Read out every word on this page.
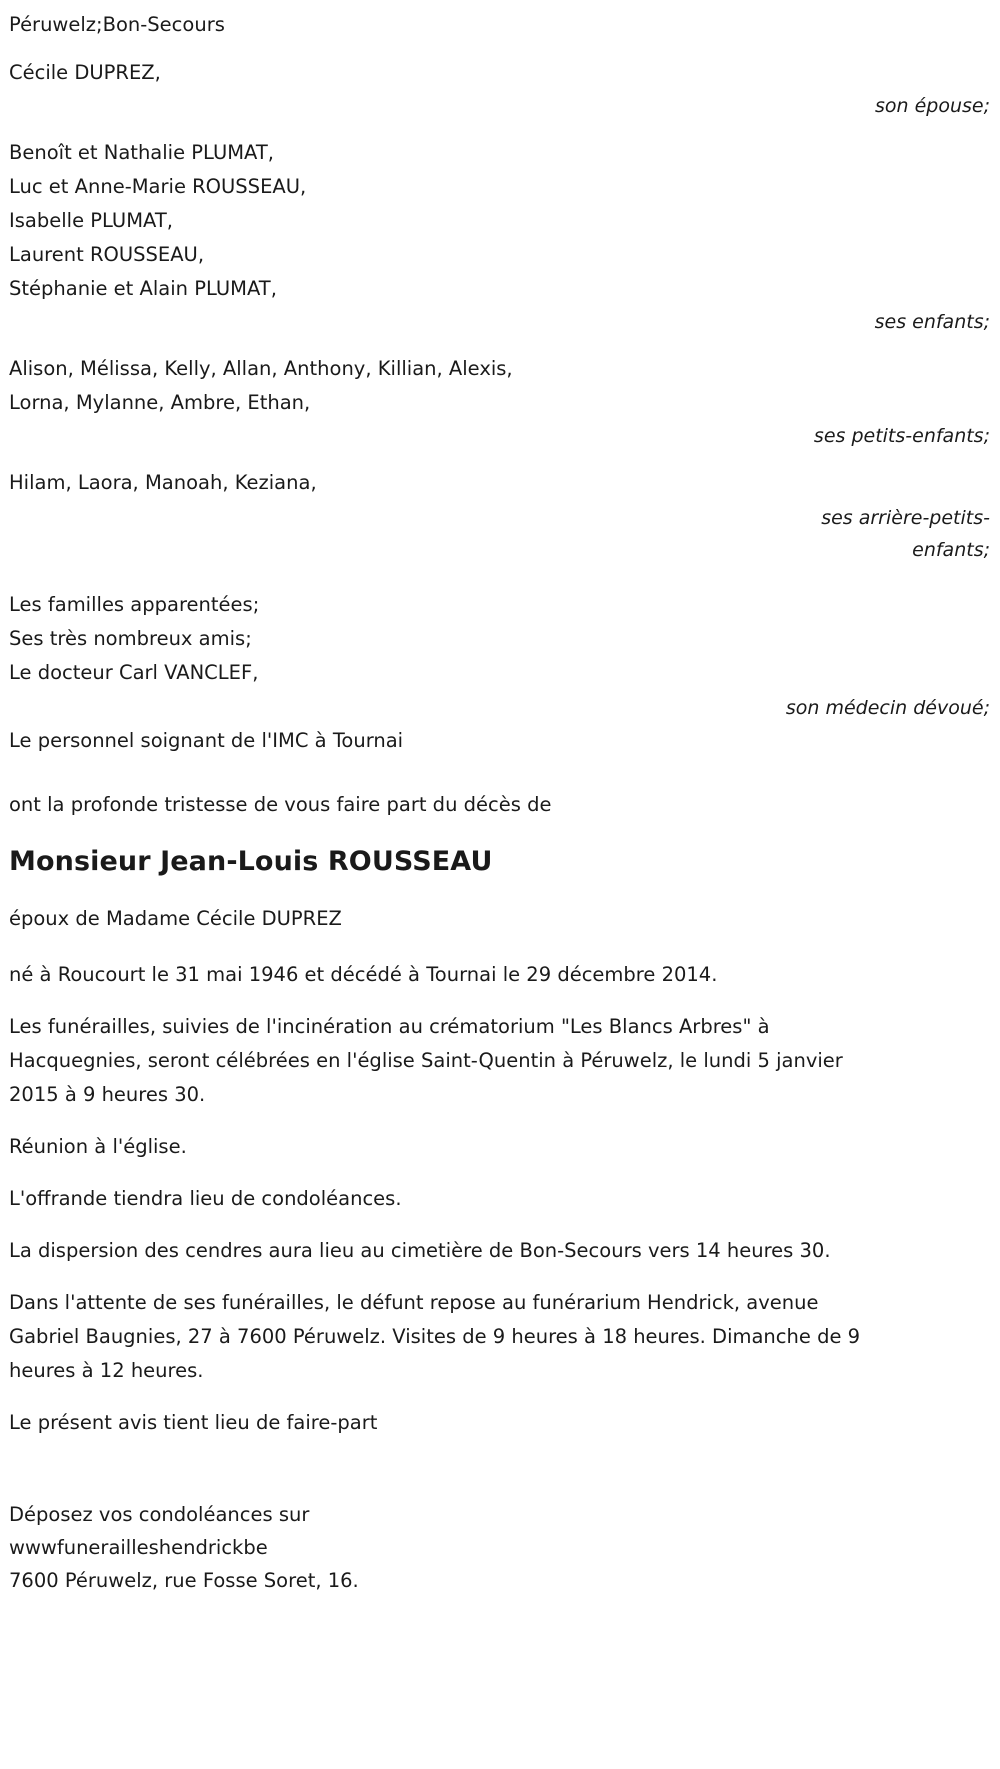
Péruwelz;Bon-Secours
Cécile DUPREZ,
son épouse;
Benoît et Nathalie PLUMAT,
Luc et Anne-Marie ROUSSEAU,
Isabelle PLUMAT,
Laurent ROUSSEAU,
Stéphanie et Alain PLUMAT,
ses enfants;
Alison, Mélissa, Kelly, Allan, Anthony, Killian, Alexis,
Lorna, Mylanne, Ambre, Ethan,
ses petits-enfants;
Hilam, Laora, Manoah, Keziana,
ses arrière-petits-enfants;
Les familles apparentées;
Ses très nombreux amis;
Le docteur Carl VANCLEF,
son médecin dévoué;
Le personnel soignant de l'IMC à Tournai
ont la profonde tristesse de vous faire part du décès de
Monsieur Jean-Louis ROUSSEAU
époux de Madame Cécile DUPREZ

né à Roucourt le 31 mai 1946 et décédé à Tournai le 29 décembre 2014.

Les funérailles, suivies de l'incinération au crématorium "Les Blancs Arbres" à Hacquegnies, seront célébrées en l'église Saint-Quentin à Péruwelz, le lundi 5 janvier 2015 à 9 heures 30.

Réunion à l'église.

L'offrande tiendra lieu de condoléances.

La dispersion des cendres aura lieu au cimetière de Bon-Secours vers 14 heures 30.

Dans l'attente de ses funérailles, le défunt repose au funérarium Hendrick, avenue Gabriel Baugnies, 27 à 7600 Péruwelz. Visites de 9 heures à 18 heures. Dimanche de 9 heures à 12 heures.

Le présent avis tient lieu de faire-part

Déposez vos condoléances sur
wwwfunerailleshendrickbe
7600 Péruwelz, rue Fosse Soret, 16.
